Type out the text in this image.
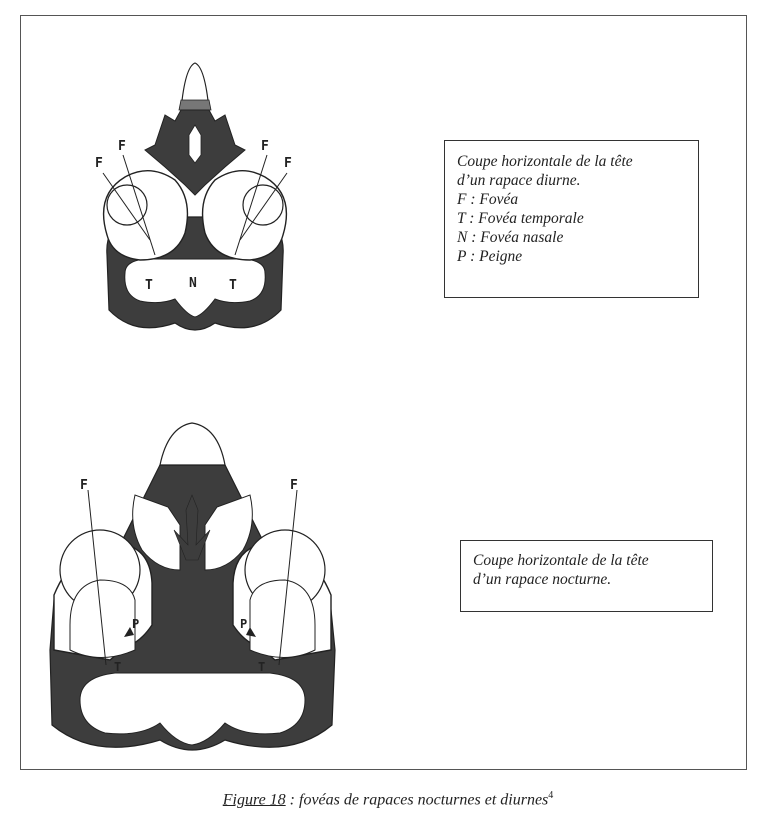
F
F	F
F
T	N T
F	F
P	P
T	T
Coupe horizontale de la tête
d’un rapace diurne.
F : Fovéa
T : Fovéa temporale
N : Fovéa nasale
P : Peigne
Coupe horizontale de la tête
d’un rapace nocturne.
Figure 18 : fovéas de rapaces nocturnes et diurnes$^4$
